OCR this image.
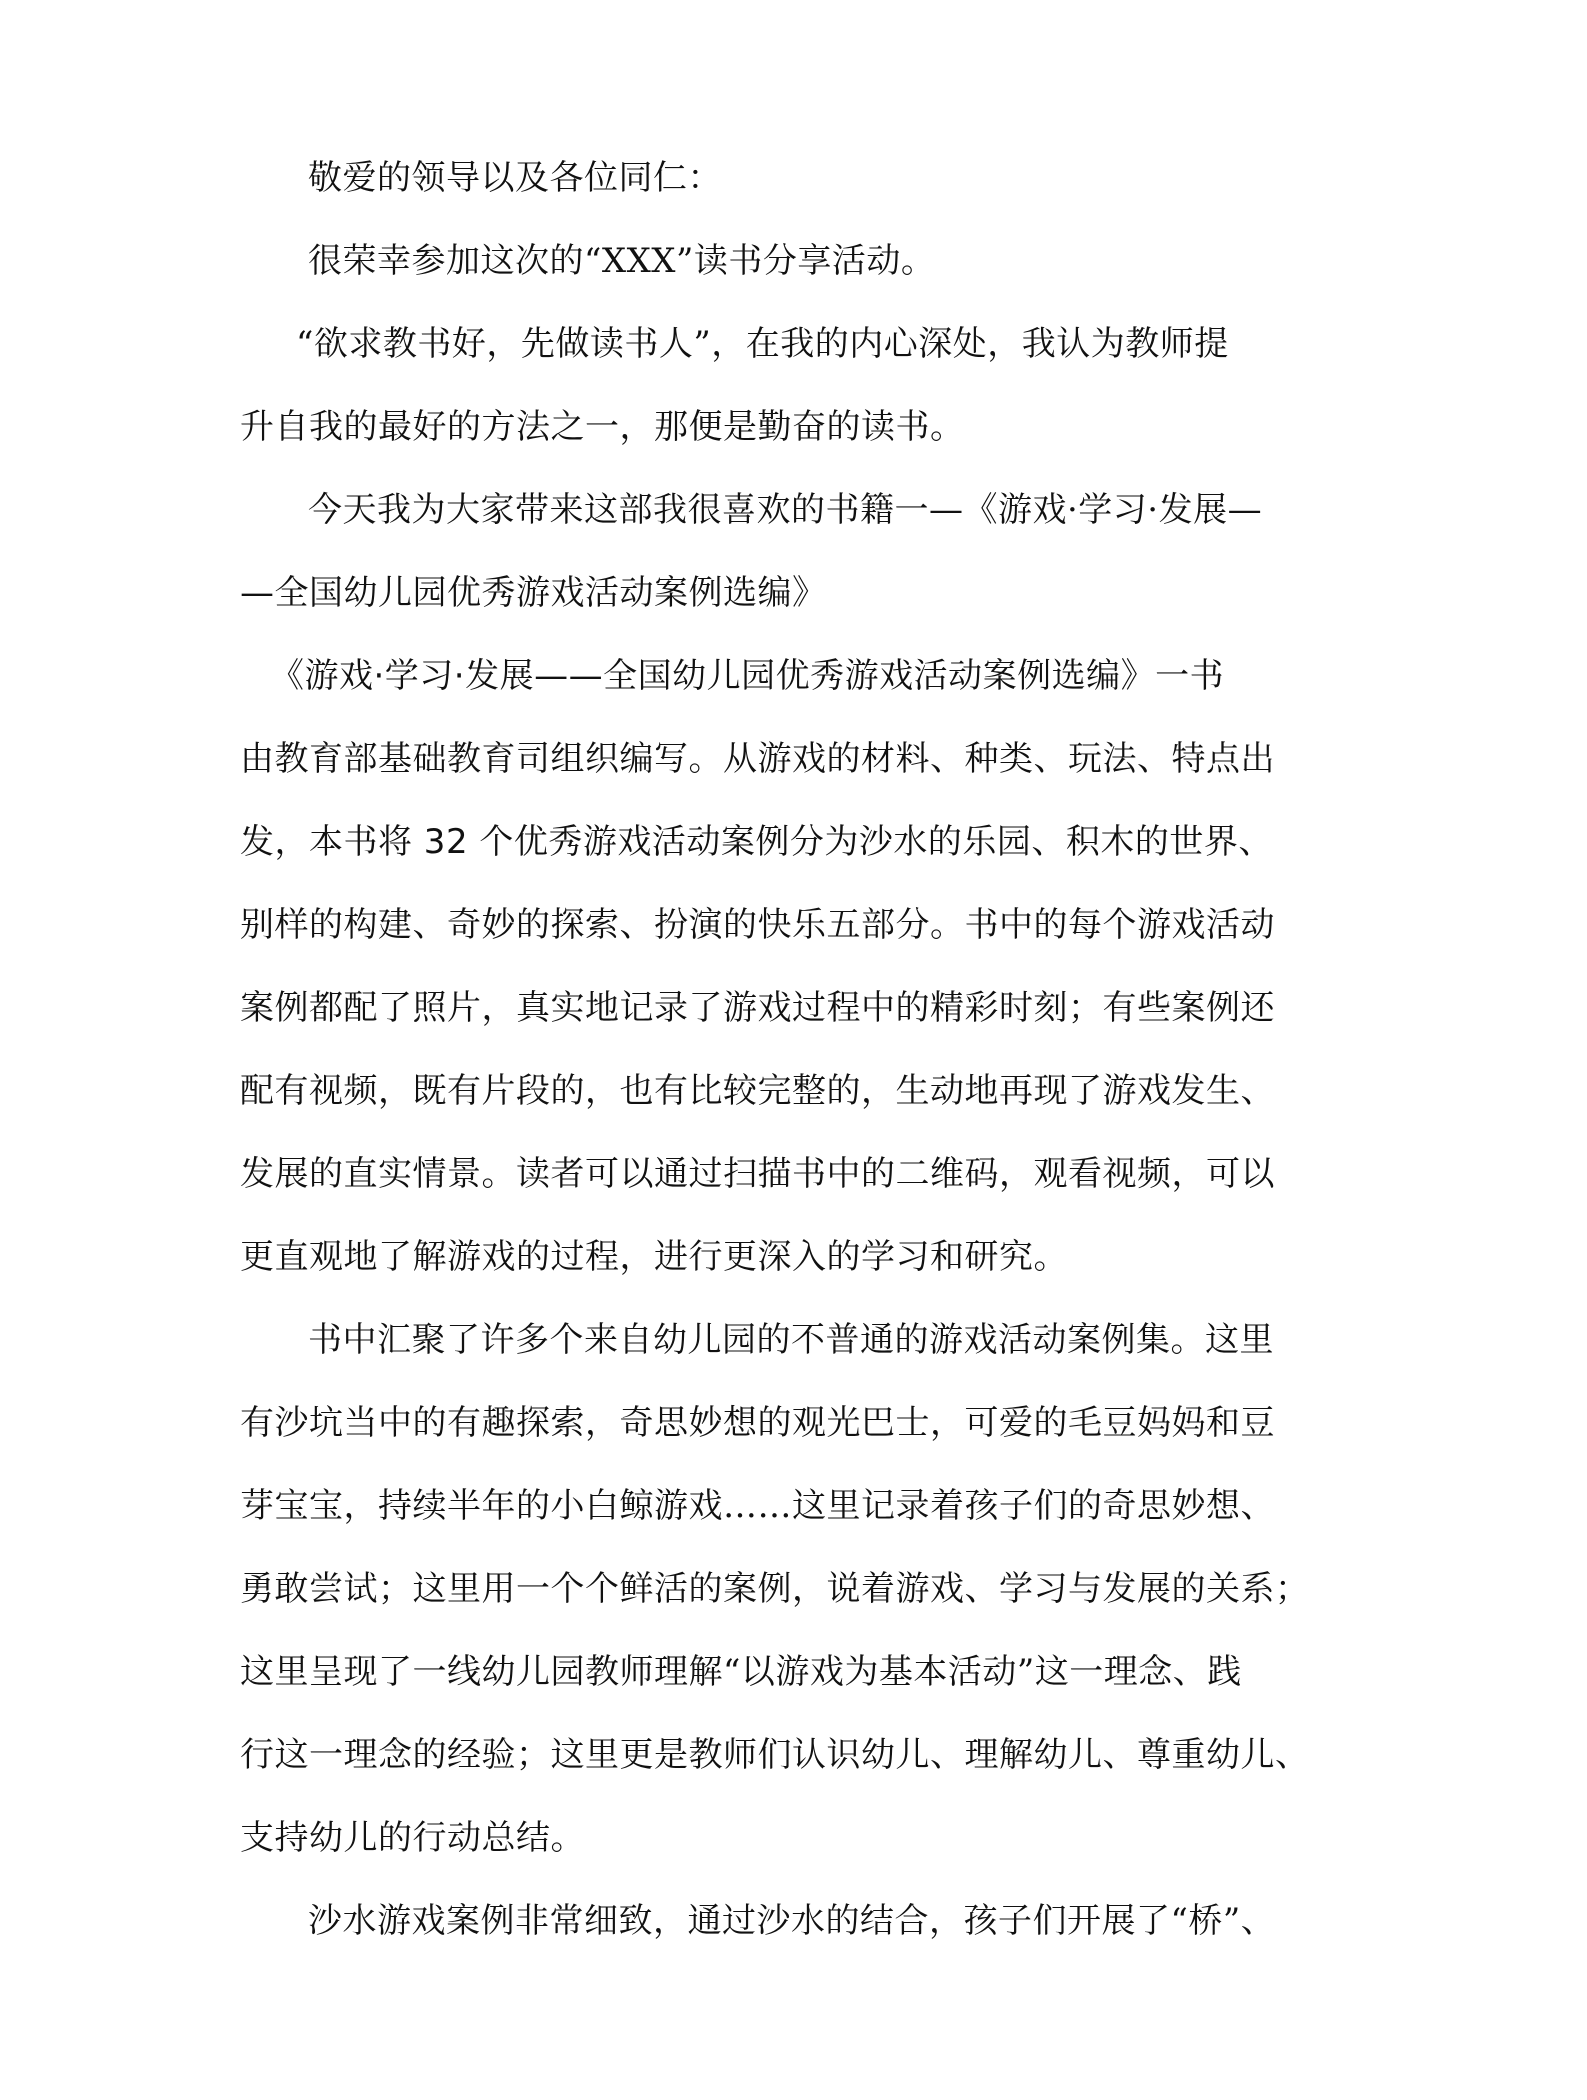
敬爱的领导以及各位同仁：
很荣幸参加这次的“XXX”读书分享活动。
“欲求教书好，先做读书人”，在我的内心深处，我认为教师提
升自我的最好的方法之一，那便是勤奋的读书。
今天我为大家带来这部我很喜欢的书籍一—《游戏·学习·发展—
—全国幼儿园优秀游戏活动案例选编》
《游戏·学习·发展——全国幼儿园优秀游戏活动案例选编》一书
由教育部基础教育司组织编写。从游戏的材料、种类、玩法、特点出
发，本书将 32 个优秀游戏活动案例分为沙水的乐园、积木的世界、
别样的构建、奇妙的探索、扮演的快乐五部分。书中的每个游戏活动
案例都配了照片，真实地记录了游戏过程中的精彩时刻；有些案例还
配有视频，既有片段的，也有比较完整的，生动地再现了游戏发生、
发展的直实情景。读者可以通过扫描书中的二维码，观看视频，可以
更直观地了解游戏的过程，进行更深入的学习和研究。
书中汇聚了许多个来自幼儿园的不普通的游戏活动案例集。这里
有沙坑当中的有趣探索，奇思妙想的观光巴士，可爱的毛豆妈妈和豆
芽宝宝，持续半年的小白鲸游戏……这里记录着孩子们的奇思妙想、
勇敢尝试；这里用一个个鲜活的案例，说着游戏、学习与发展的关系；
这里呈现了一线幼儿园教师理解“以游戏为基本活动”这一理念、践
行这一理念的经验；这里更是教师们认识幼儿、理解幼儿、尊重幼儿、
支持幼儿的行动总结。
沙水游戏案例非常细致，通过沙水的结合，孩子们开展了“桥”、
